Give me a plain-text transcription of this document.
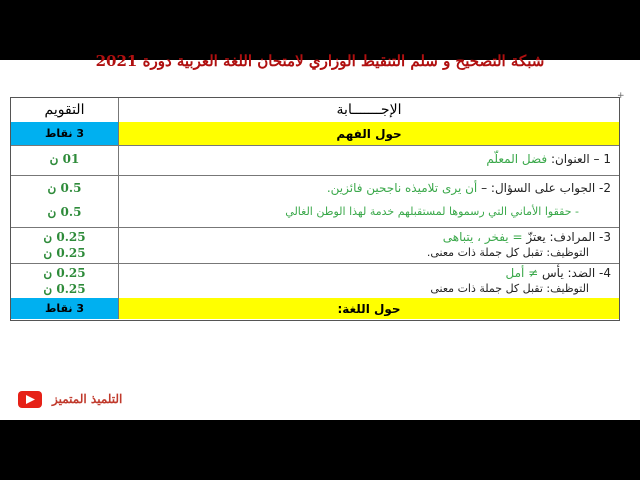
شبكة التصحيح و سلم التنقيط الوزاري لامتحان اللغة العربية دورة 2021
الإجـــــــابة
التقويم
حول الفهم
3 نقاط
1 – العنوان: فضل المعلّم
01 ن
2- الجواب على السؤال: – أن يرى تلاميذه ناجحين فائزين.
- حققوا الأماني التي رسموها لمستقبلهم خدمة لهذا الوطن الغالي
0.5 ن
0.5 ن
3- المرادف: يعتزّ = يفخر ، يتباهى
التوظيف: تقبل كل جملة ذات معنى.
0.25 ن
0.25 ن
4- الضد: يأس ≠ أمل
التوظيف: تقبل كل جملة ذات معنى
0.25 ن
0.25 ن
حول اللغة:
3 نقاط
+
التلميذ المتميز
